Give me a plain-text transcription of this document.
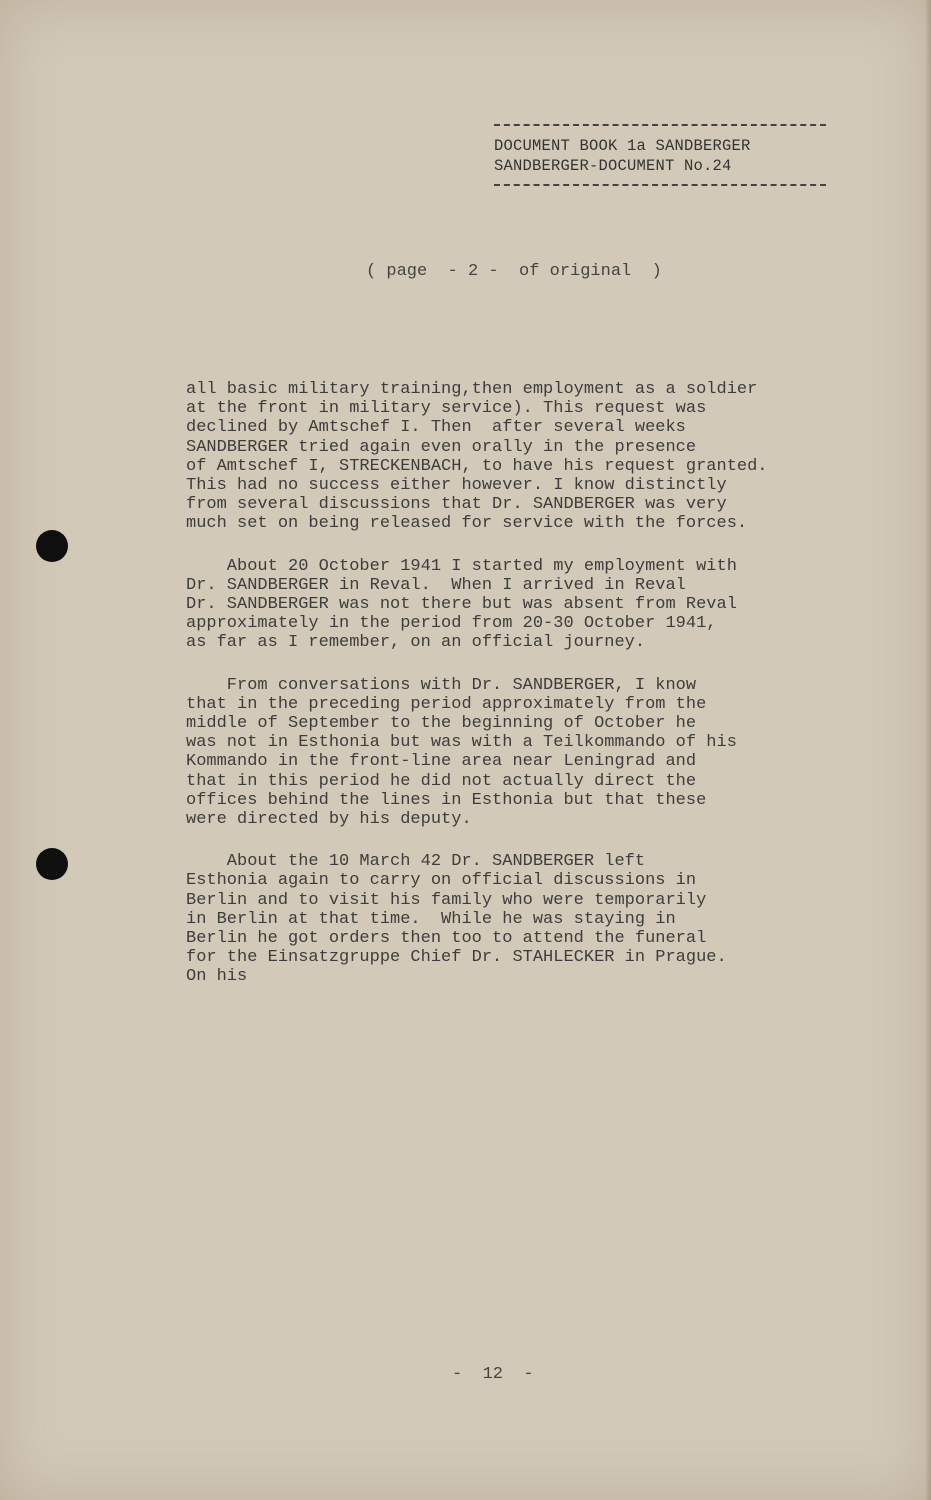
DOCUMENT BOOK 1a SANDBERGER
SANDBERGER-DOCUMENT No.24
( page  - 2 -  of original  )

all basic military training,then employment as a soldier
at the front in military service). This request was
declined by Amtschef I. Then  after several weeks
SANDBERGER tried again even orally in the presence
of Amtschef I, STRECKENBACH, to have his request granted.
This had no success either however. I know distinctly
from several discussions that Dr. SANDBERGER was very
much set on being released for service with the forces.

About 20 October 1941 I started my employment with
Dr. SANDBERGER in Reval.  When I arrived in Reval
Dr. SANDBERGER was not there but was absent from Reval
approximately in the period from 20-30 October 1941,
as far as I remember, on an official journey.

From conversations with Dr. SANDBERGER, I know
that in the preceding period approximately from the
middle of September to the beginning of October he
was not in Esthonia but was with a Teilkommando of his
Kommando in the front-line area near Leningrad and
that in this period he did not actually direct the
offices behind the lines in Esthonia but that these
were directed by his deputy.

About the 10 March 42 Dr. SANDBERGER left
Esthonia again to carry on official discussions in
Berlin and to visit his family who were temporarily
in Berlin at that time.  While he was staying in
Berlin he got orders then too to attend the funeral
for the Einsatzgruppe Chief Dr. STAHLECKER in Prague.
On his

-  12  -
